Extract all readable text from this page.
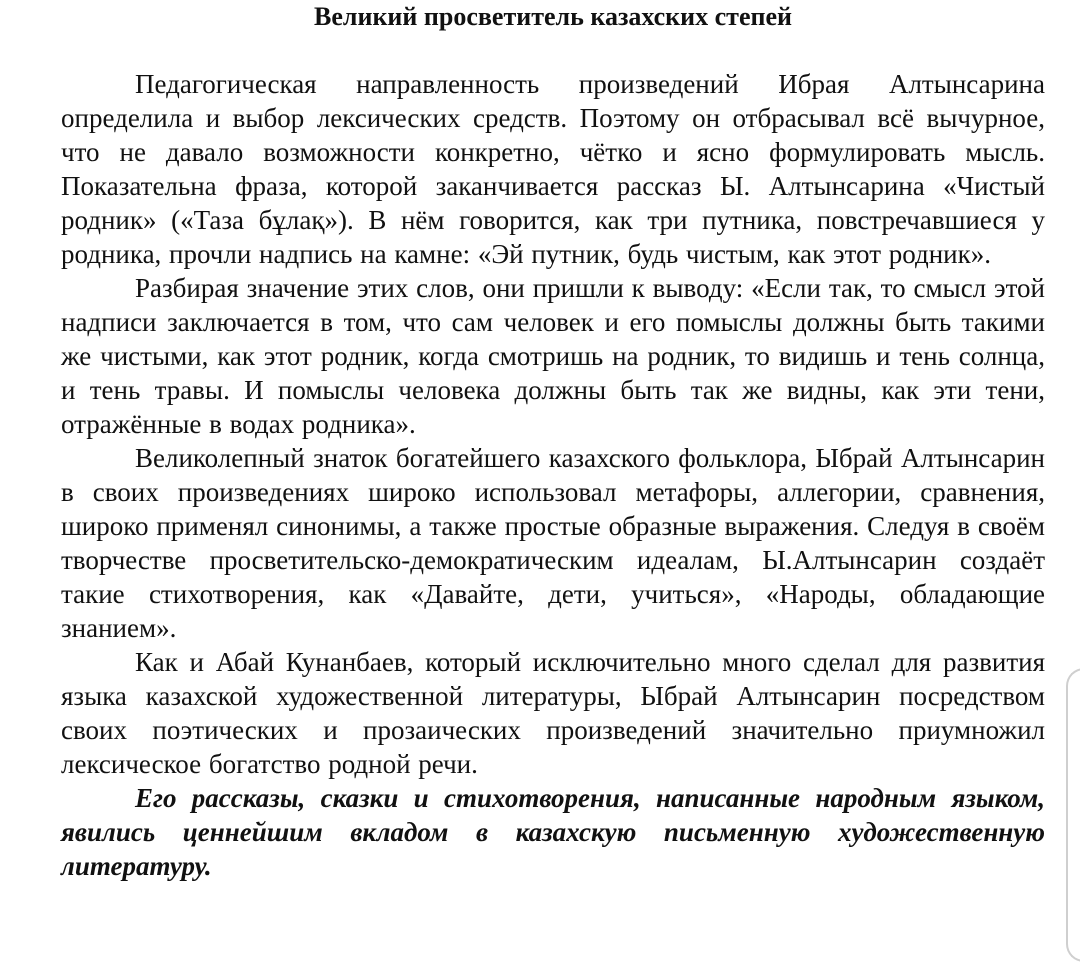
Великий просветитель казахских степей

Педагогическая направленность произведений Ибрая Алтынсарина определила и выбор лексических средств. Поэтому он отбрасывал всё вычурное, что не давало возможности конкретно, чётко и ясно формулировать мысль. Показательна фраза, которой заканчивается рассказ Ы. Алтынсарина «Чистый родник» («Таза бұлақ»). В нём говорится, как три путника, повстречавшиеся у родника, прочли надпись на камне: «Эй путник, будь чистым, как этот родник».

Разбирая значение этих слов, они пришли к выводу: «Если так, то смысл этой надписи заключается в том, что сам человек и его помыслы должны быть такими же чистыми, как этот родник, когда смотришь на родник, то видишь и тень солнца, и тень травы. И помыслы человека должны быть так же видны, как эти тени, отражённые в водах родника».

Великолепный знаток богатейшего казахского фольклора, Ыбрай Алтынсарин в своих произведениях широко использовал метафоры, аллегории, сравнения, широко применял синонимы, а также простые образные выражения. Следуя в своём творчестве просветительско-демократическим идеалам, Ы.Алтынсарин создаёт такие стихотворения, как «Давайте, дети, учиться», «Народы, обладающие знанием».

Как и Абай Кунанбаев, который исключительно много сделал для развития языка казахской художественной литературы, Ыбрай Алтынсарин посредством своих поэтических и прозаических произведений значительно приумножил лексическое богатство родной речи.

Его рассказы, сказки и стихотворения, написанные народным языком, явились ценнейшим вкладом в казахскую письменную художественную литературу.
